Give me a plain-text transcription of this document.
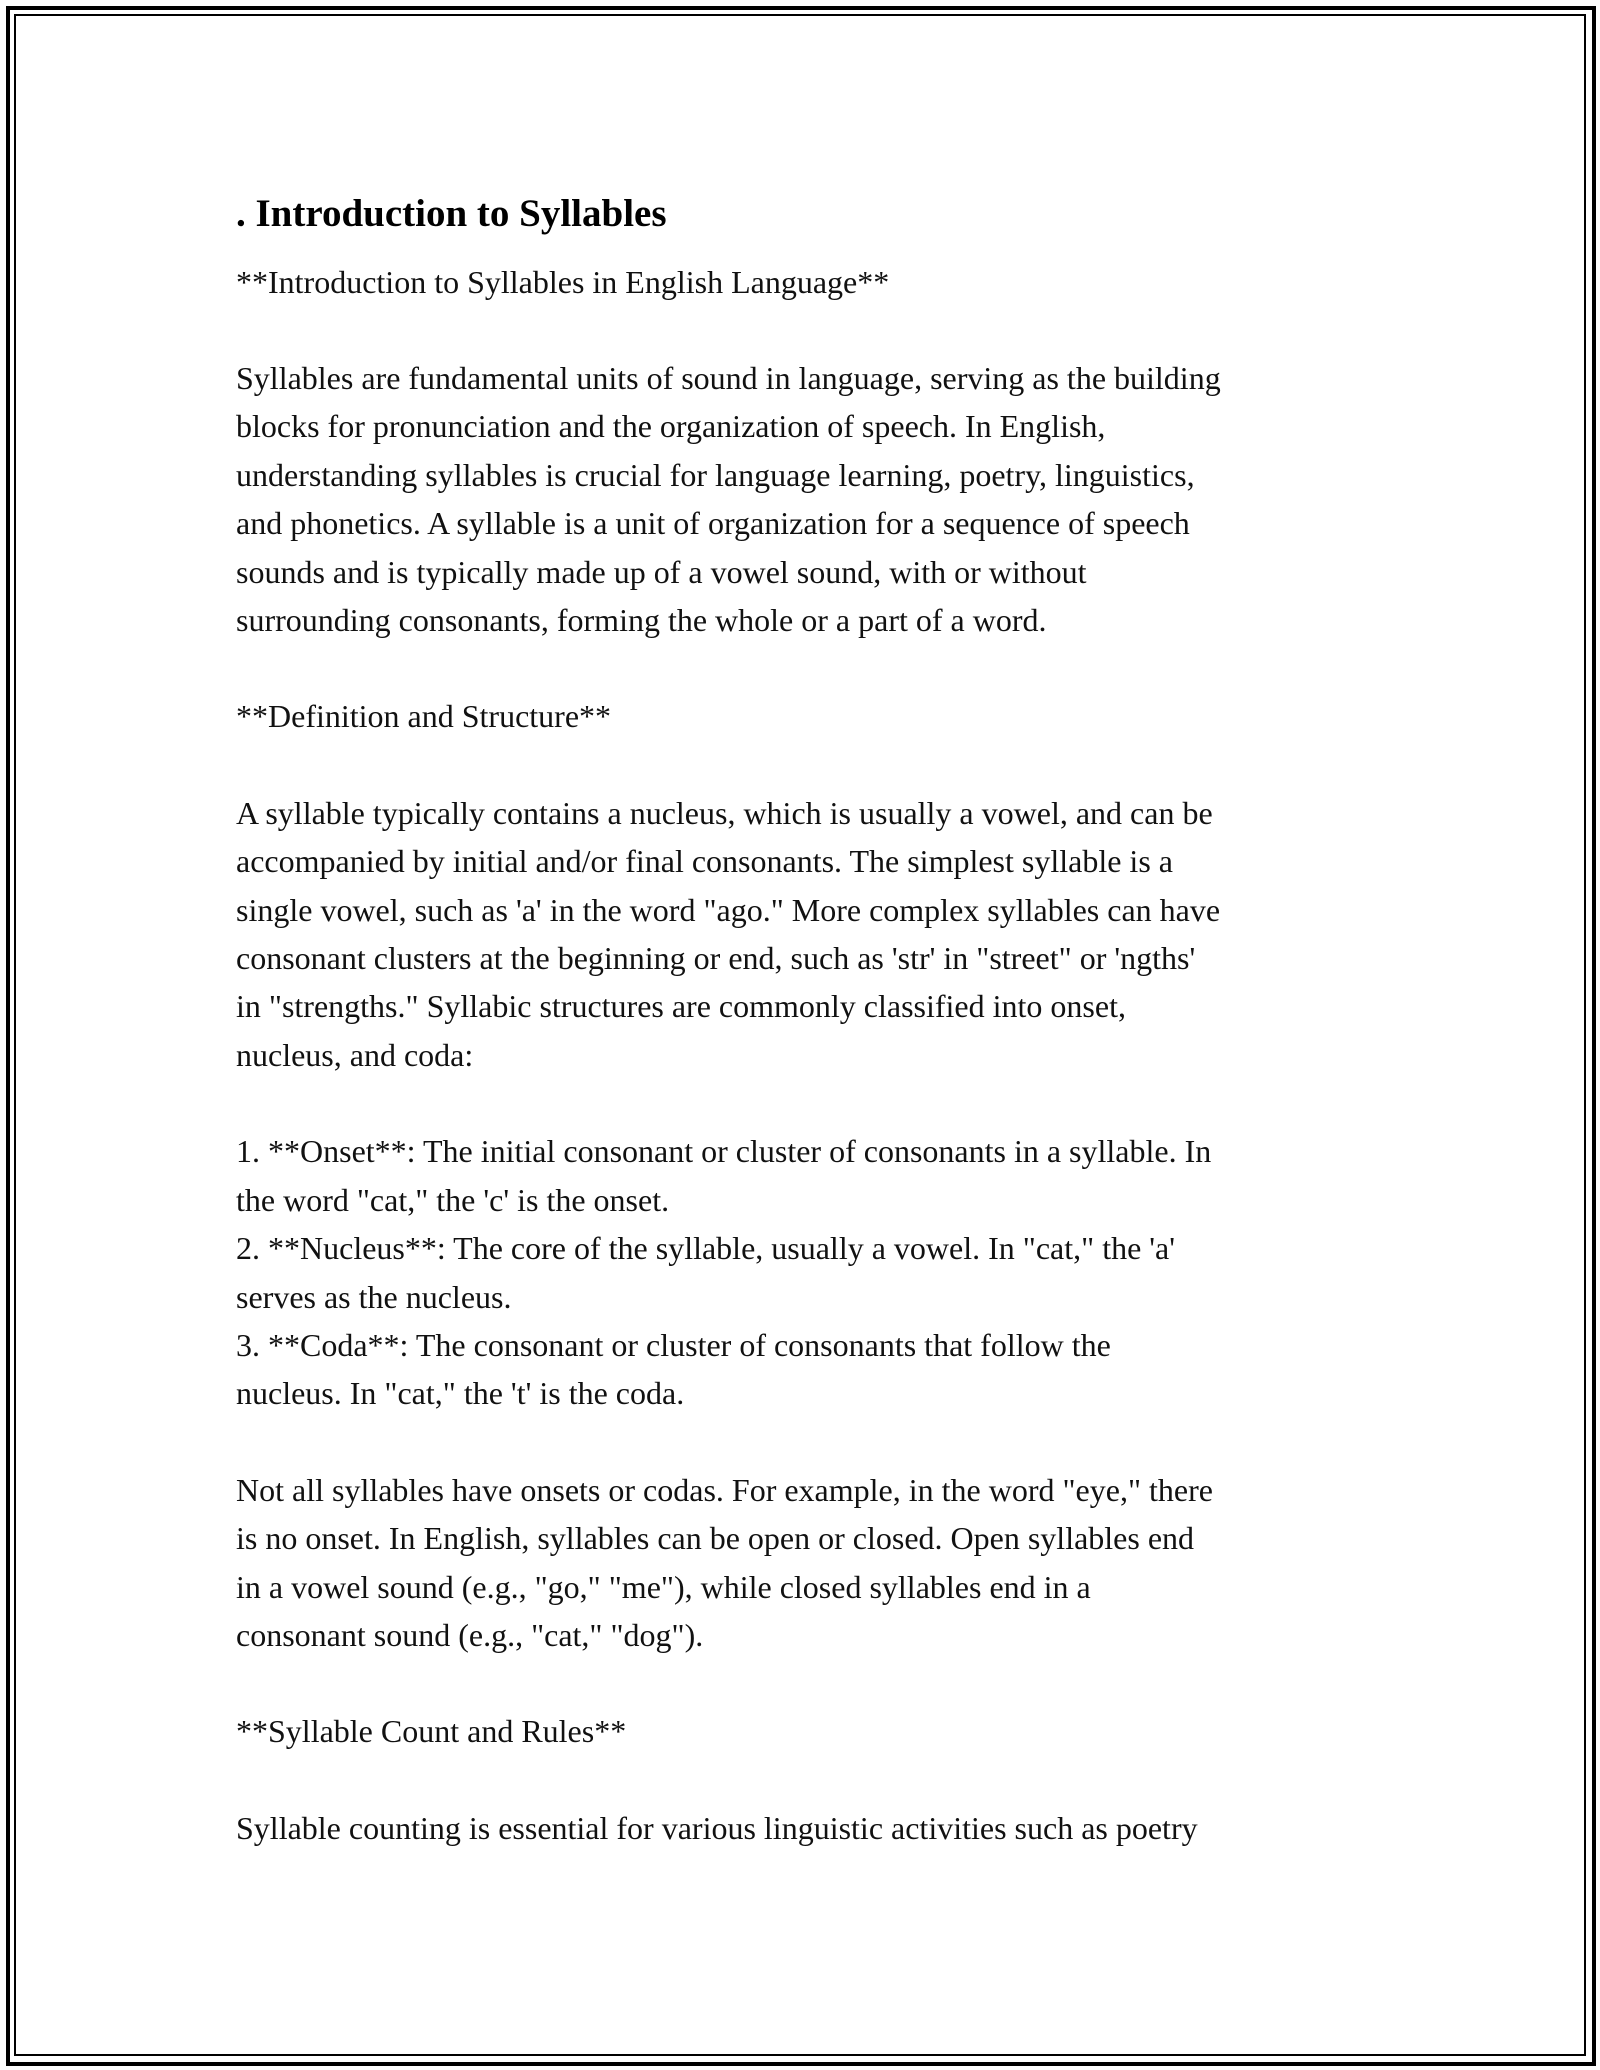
. Introduction to Syllables
**Introduction to Syllables in English Language**

Syllables are fundamental units of sound in language, serving as the building
blocks for pronunciation and the organization of speech. In English,
understanding syllables is crucial for language learning, poetry, linguistics,
and phonetics. A syllable is a unit of organization for a sequence of speech
sounds and is typically made up of a vowel sound, with or without
surrounding consonants, forming the whole or a part of a word.

**Definition and Structure**

A syllable typically contains a nucleus, which is usually a vowel, and can be
accompanied by initial and/or final consonants. The simplest syllable is a
single vowel, such as 'a' in the word "ago." More complex syllables can have
consonant clusters at the beginning or end, such as 'str' in "street" or 'ngths'
in "strengths." Syllabic structures are commonly classified into onset,
nucleus, and coda:

1. **Onset**: The initial consonant or cluster of consonants in a syllable. In
the word "cat," the 'c' is the onset.
2. **Nucleus**: The core of the syllable, usually a vowel. In "cat," the 'a'
serves as the nucleus.
3. **Coda**: The consonant or cluster of consonants that follow the
nucleus. In "cat," the 't' is the coda.

Not all syllables have onsets or codas. For example, in the word "eye," there
is no onset. In English, syllables can be open or closed. Open syllables end
in a vowel sound (e.g., "go," "me"), while closed syllables end in a
consonant sound (e.g., "cat," "dog").

**Syllable Count and Rules**

Syllable counting is essential for various linguistic activities such as poetry
